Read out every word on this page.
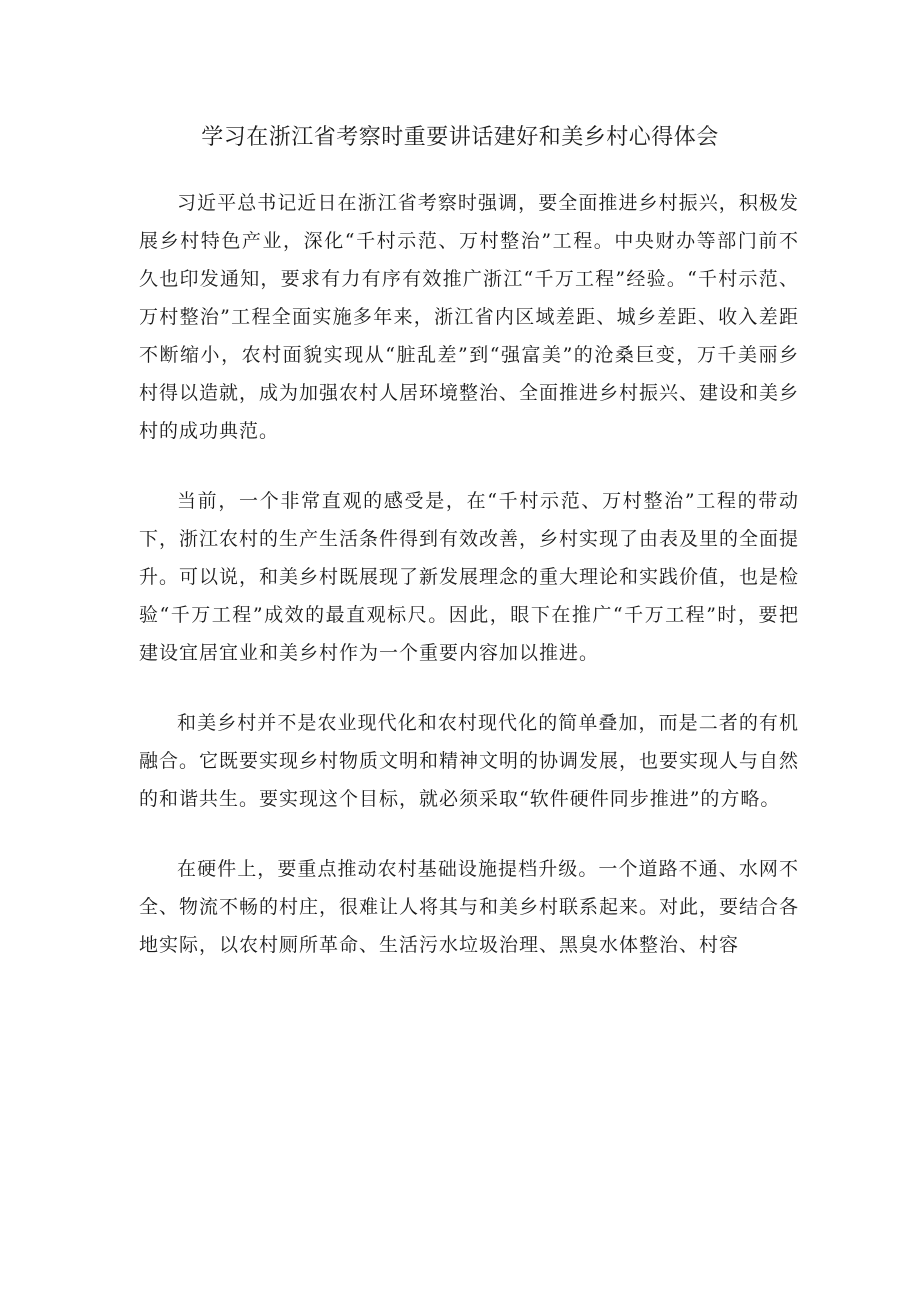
学习在浙江省考察时重要讲话建好和美乡村心得体会

习近平总书记近日在浙江省考察时强调，要全面推进乡村振兴，积极发展乡村特色产业，深化“千村示范、万村整治”工程。中央财办等部门前不久也印发通知，要求有力有序有效推广浙江“千万工程”经验。“千村示范、万村整治”工程全面实施多年来，浙江省内区域差距、城乡差距、收入差距不断缩小，农村面貌实现从“脏乱差”到“强富美”的沧桑巨变，万千美丽乡村得以造就，成为加强农村人居环境整治、全面推进乡村振兴、建设和美乡村的成功典范。

当前，一个非常直观的感受是，在“千村示范、万村整治”工程的带动下，浙江农村的生产生活条件得到有效改善，乡村实现了由表及里的全面提升。可以说，和美乡村既展现了新发展理念的重大理论和实践价值，也是检验“千万工程”成效的最直观标尺。因此，眼下在推广“千万工程”时，要把建设宜居宜业和美乡村作为一个重要内容加以推进。

和美乡村并不是农业现代化和农村现代化的简单叠加，而是二者的有机融合。它既要实现乡村物质文明和精神文明的协调发展，也要实现人与自然的和谐共生。要实现这个目标，就必须采取“软件硬件同步推进”的方略。

在硬件上，要重点推动农村基础设施提档升级。一个道路不通、水网不全、物流不畅的村庄，很难让人将其与和美乡村联系起来。对此，要结合各地实际，以农村厕所革命、生活污水垃圾治理、黑臭水体整治、村容
